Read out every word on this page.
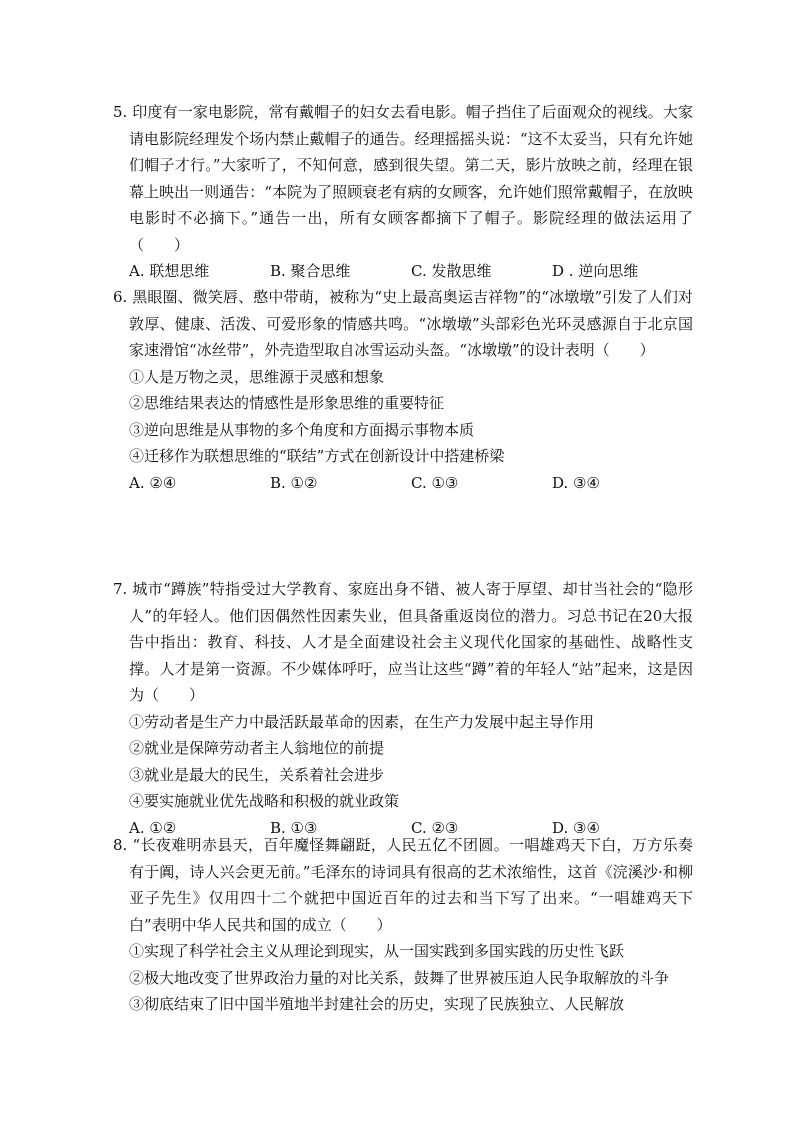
5. 印度有一家电影院，常有戴帽子的妇女去看电影。帽子挡住了后面观众的视线。大家请电影院经理发个场内禁止戴帽子的通告。经理摇摇头说：“这不太妥当，只有允许她们帽子才行。”大家听了，不知何意，感到很失望。第二天，影片放映之前，经理在银幕上映出一则通告：“本院为了照顾衰老有病的女顾客，允许她们照常戴帽子，在放映电影时不必摘下。”通告一出，所有女顾客都摘下了帽子。影院经理的做法运用了（　　）

A. 联想思维	B. 聚合思维	C. 发散思维	D . 逆向思维

6. 黑眼圈、微笑唇、憨中带萌，被称为“史上最高奥运吉祥物”的“冰墩墩”引发了人们对敦厚、健康、活泼、可爱形象的情感共鸣。“冰墩墩”头部彩色光环灵感源自于北京国家速滑馆“冰丝带”，外壳造型取自冰雪运动头盔。“冰墩墩”的设计表明（　　）

①人是万物之灵，思维源于灵感和想象

②思维结果表达的情感性是形象思维的重要特征

③逆向思维是从事物的多个角度和方面揭示事物本质

④迁移作为联想思维的“联结”方式在创新设计中搭建桥梁

A. ②④	B. ①②	C. ①③	D. ③④

7. 城市“蹲族”特指受过大学教育、家庭出身不错、被人寄于厚望、却甘当社会的“隐形人”的年轻人。他们因偶然性因素失业，但具备重返岗位的潜力。习总书记在20大报告中指出：教育、科技、人才是全面建设社会主义现代化国家的基础性、战略性支撑。人才是第一资源。不少媒体呼吁，应当让这些“蹲”着的年轻人“站”起来，这是因为（　　）

①劳动者是生产力中最活跃最革命的因素，在生产力发展中起主导作用

②就业是保障劳动者主人翁地位的前提

③就业是最大的民生，关系着社会进步

④要实施就业优先战略和积极的就业政策

A. ①②	B. ①③	C. ②③	D. ③④

8. “长夜难明赤县天，百年魔怪舞翩跹，人民五亿不团圆。一唱雄鸡天下白，万方乐奏有于阗，诗人兴会更无前。”毛泽东的诗词具有很高的艺术浓缩性，这首《浣溪沙·和柳亚子先生》仅用四十二个就把中国近百年的过去和当下写了出来。“一唱雄鸡天下白”表明中华人民共和国的成立（　　）

①实现了科学社会主义从理论到现实，从一国实践到多国实践的历史性飞跃

②极大地改变了世界政治力量的对比关系，鼓舞了世界被压迫人民争取解放的斗争

③彻底结束了旧中国半殖地半封建社会的历史，实现了民族独立、人民解放
